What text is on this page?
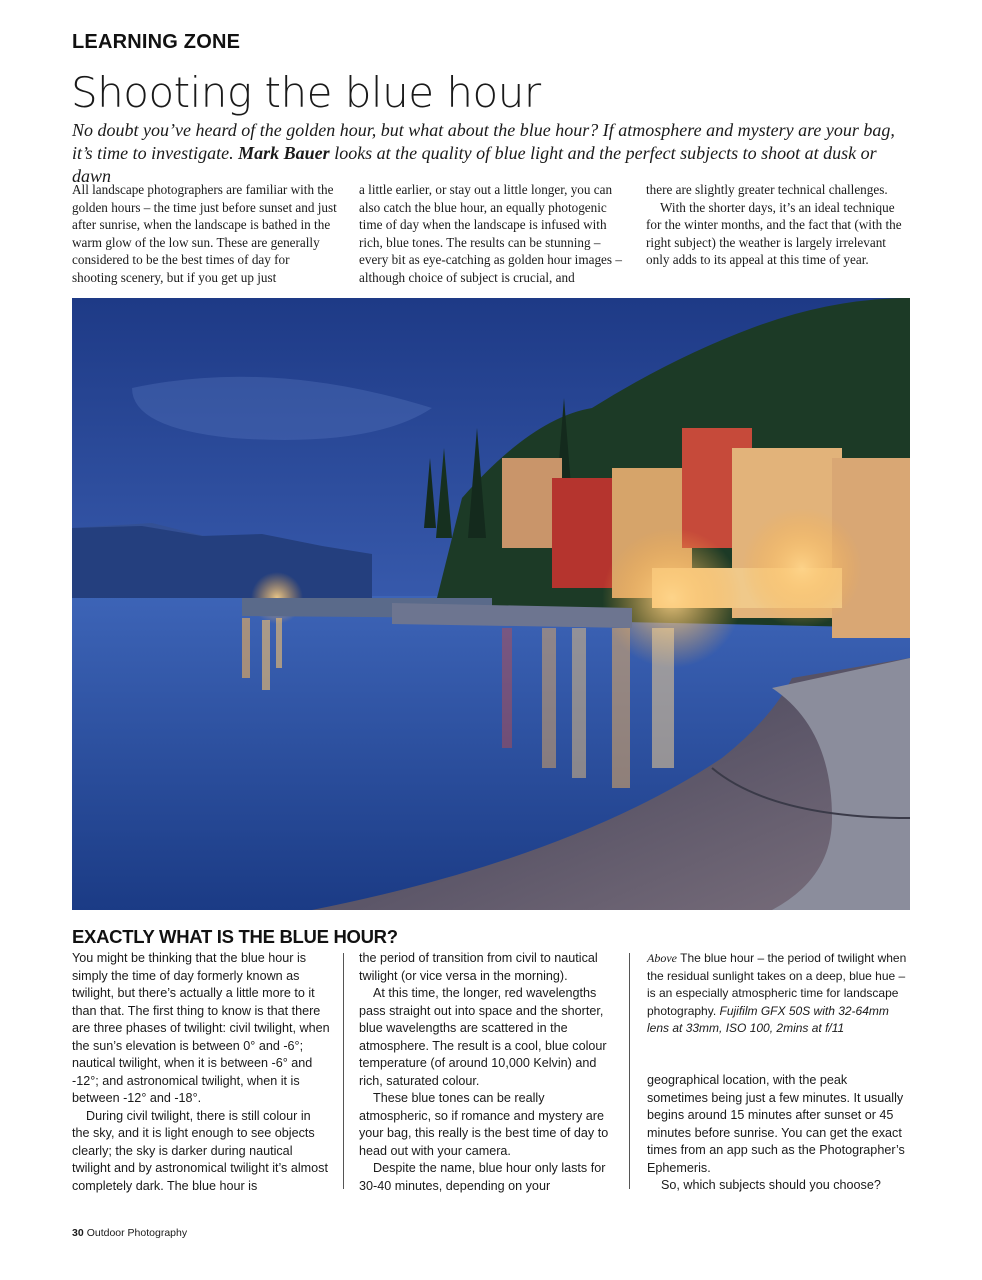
LEARNING ZONE
Shooting the blue hour
No doubt you’ve heard of the golden hour, but what about the blue hour? If atmosphere and mystery are your bag, it’s time to investigate. Mark Bauer looks at the quality of blue light and the perfect subjects to shoot at dusk or dawn

All landscape photographers are familiar with the golden hours – the time just before sunset and just after sunrise, when the landscape is bathed in the warm glow of the low sun. These are generally considered to be the best times of day for shooting scenery, but if you get up just

a little earlier, or stay out a little longer, you can also catch the blue hour, an equally photogenic time of day when the landscape is infused with rich, blue tones. The results can be stunning – every bit as eye-catching as golden hour images – although choice of subject is crucial, and

there are slightly greater technical challenges.

With the shorter days, it’s an ideal technique for the winter months, and the fact that (with the right subject) the weather is largely irrelevant only adds to its appeal at this time of year.

EXACTLY WHAT IS THE BLUE HOUR?

You might be thinking that the blue hour is simply the time of day formerly known as twilight, but there’s actually a little more to it than that. The first thing to know is that there are three phases of twilight: civil twilight, when the sun’s elevation is between 0° and -6°; nautical twilight, when it is between -6° and -12°; and astronomical twilight, when it is between -12° and -18°.

During civil twilight, there is still colour in the sky, and it is light enough to see objects clearly; the sky is darker during nautical twilight and by astronomical twilight it’s almost completely dark. The blue hour is

the period of transition from civil to nautical twilight (or vice versa in the morning).

At this time, the longer, red wavelengths pass straight out into space and the shorter, blue wavelengths are scattered in the atmosphere. The result is a cool, blue colour temperature (of around 10,000 Kelvin) and rich, saturated colour.

These blue tones can be really atmospheric, so if romance and mystery are your bag, this really is the best time of day to head out with your camera.

Despite the name, blue hour only lasts for 30-40 minutes, depending on your

Above The blue hour – the period of twilight when the residual sunlight takes on a deep, blue hue – is an especially atmospheric time for landscape photography. Fujifilm GFX 50S with 32-64mm lens at 33mm, ISO 100, 2mins at f/11

geographical location, with the peak sometimes being just a few minutes. It usually begins around 15 minutes after sunset or 45 minutes before sunrise. You can get the exact times from an app such as the Photographer’s Ephemeris.

So, which subjects should you choose?

30 Outdoor Photography
